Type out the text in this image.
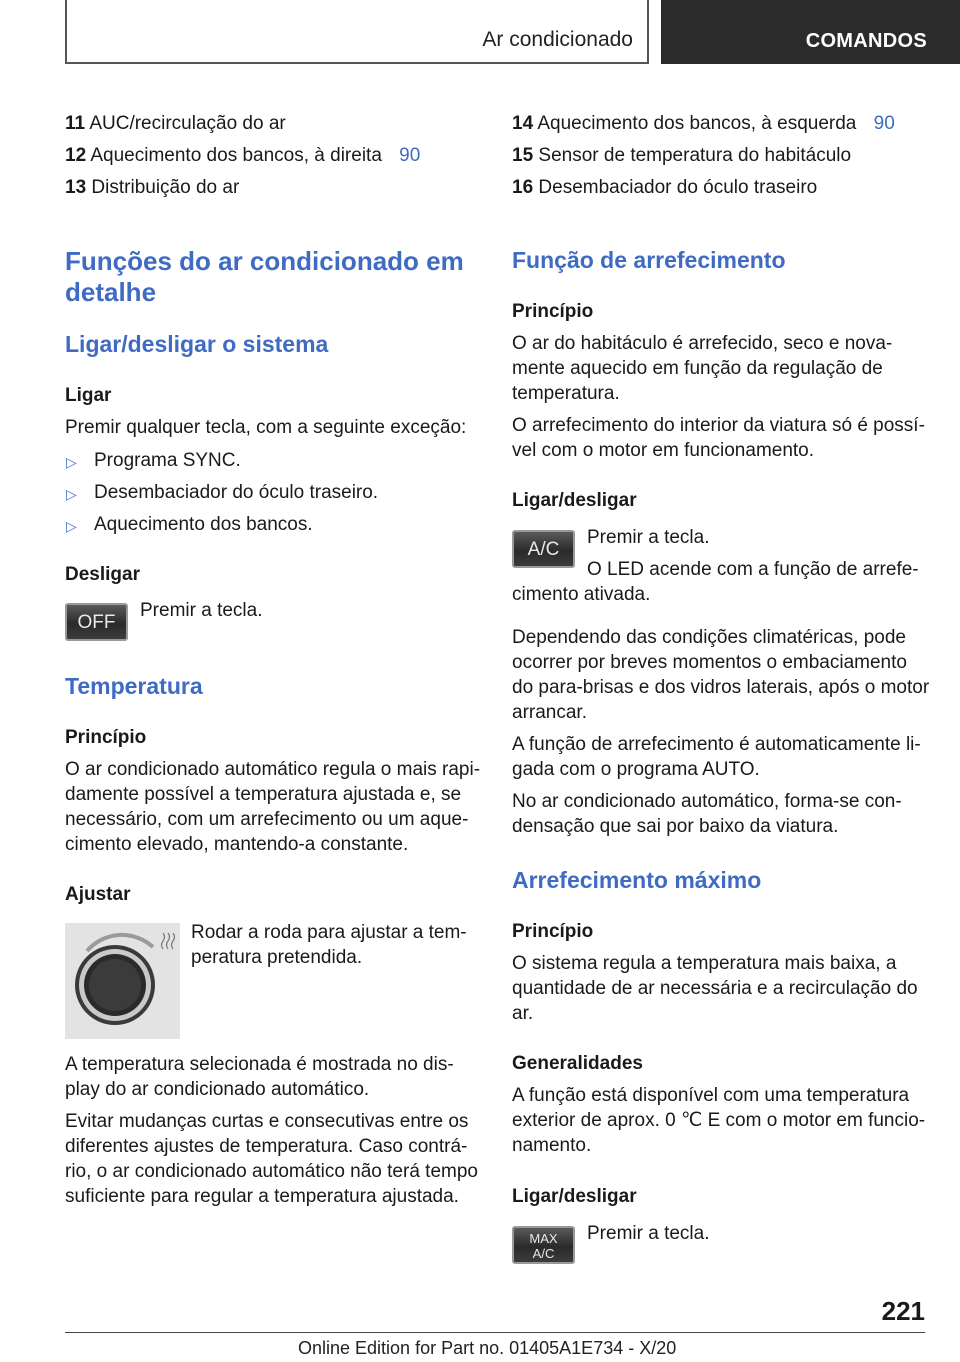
Ar condicionado	COMANDOS
11 AUC/recirculação do ar
12 Aquecimento dos bancos, à direita 90
13 Distribuição do ar
Funções do ar condicionado em
detalhe
Ligar/desligar o sistema
Ligar
Premir qualquer tecla, com a seguinte exceção:
▷ Programa SYNC.
▷ Desembaciador do óculo traseiro.
▷ Aquecimento dos bancos.
Desligar
OFF
Premir a tecla.
Temperatura
Princípio
O ar condicionado automático regula o mais rapi-
damente possível a temperatura ajustada e, se
necessário, com um arrefecimento ou um aque-
cimento elevado, mantendo-a constante.
Ajustar
Rodar a roda para ajustar a tem-
peratura pretendida.
A temperatura selecionada é mostrada no dis-
play do ar condicionado automático.
Evitar mudanças curtas e consecutivas entre os
diferentes ajustes de temperatura. Caso contrá-
rio, o ar condicionado automático não terá tempo
suficiente para regular a temperatura ajustada.
14 Aquecimento dos bancos, à esquerda 90
15 Sensor de temperatura do habitáculo
16 Desembaciador do óculo traseiro
Função de arrefecimento
Princípio
O ar do habitáculo é arrefecido, seco e nova-
mente aquecido em função da regulação de
temperatura.
O arrefecimento do interior da viatura só é possí-
vel com o motor em funcionamento.
Ligar/desligar
A/C
Premir a tecla.
O LED acende com a função de arrefe-
cimento ativada.
Dependendo das condições climatéricas, pode
ocorrer por breves momentos o embaciamento
do para-brisas e dos vidros laterais, após o motor
arrancar.
A função de arrefecimento é automaticamente li-
gada com o programa AUTO.
No ar condicionado automático, forma-se con-
densação que sai por baixo da viatura.
Arrefecimento máximo
Princípio
O sistema regula a temperatura mais baixa, a
quantidade de ar necessária e a recirculação do
ar.
Generalidades
A função está disponível com uma temperatura
exterior de aprox. 0 ℃ E com o motor em funcio-
namento.
Ligar/desligar
MAX
A/C
Premir a tecla.
221
Online Edition for Part no. 01405A1E734 - X/20
